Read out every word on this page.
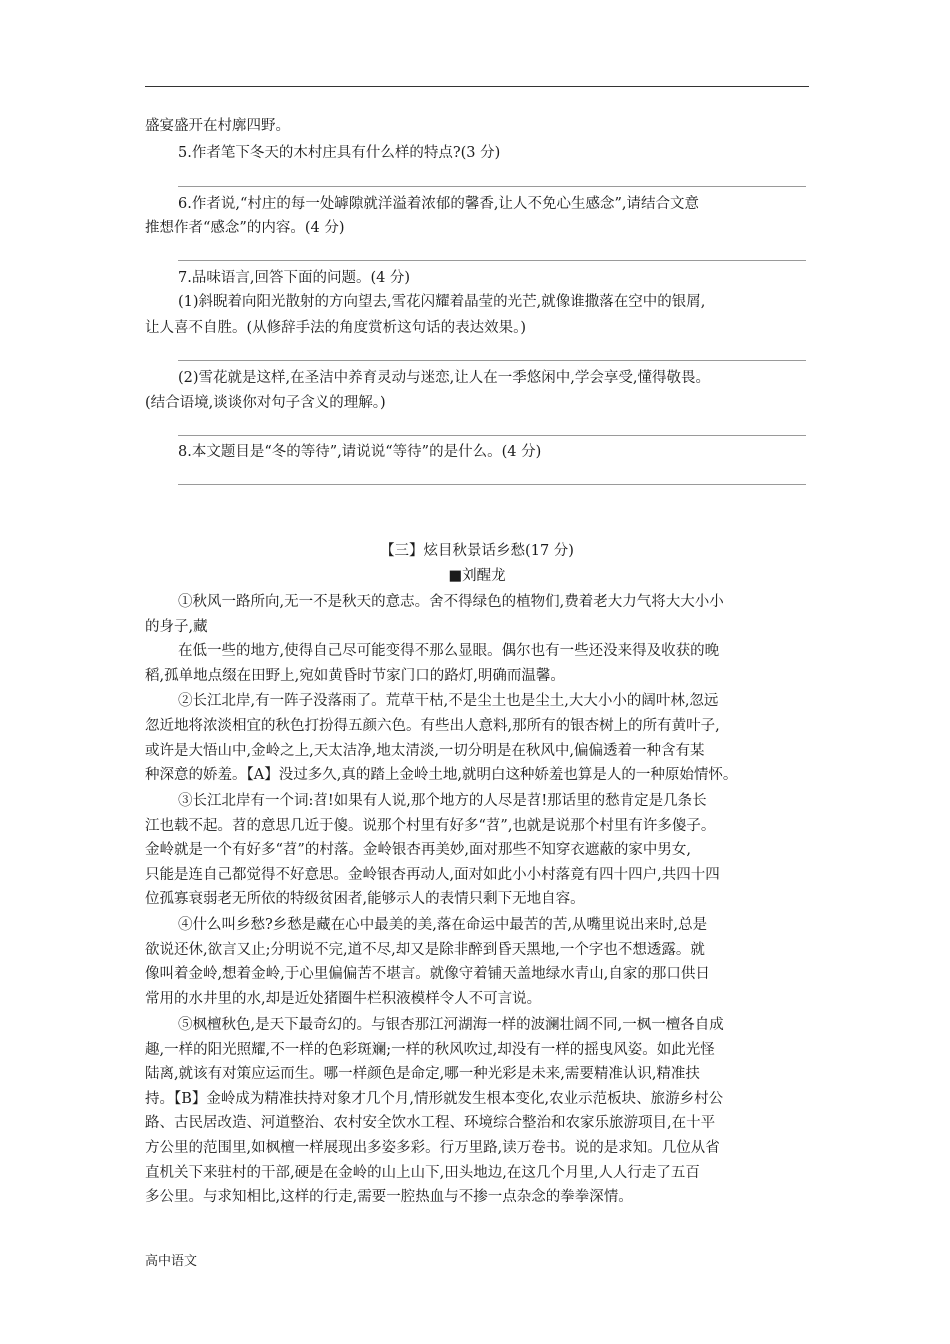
盛宴盛开在村廓四野。
5.作者笔下冬天的木村庄具有什么样的特点?(3 分)
6.作者说,“村庄的每一处罅隙就洋溢着浓郁的馨香,让人不免心生感念”,请结合文意
推想作者“感念”的内容。(4 分)
7.品味语言,回答下面的问题。(4 分)
(1)斜睨着向阳光散射的方向望去,雪花闪耀着晶莹的光芒,就像谁撒落在空中的银屑,
让人喜不自胜。(从修辞手法的角度赏析这句话的表达效果。)
(2)雪花就是这样,在圣洁中养育灵动与迷恋,让人在一季悠闲中,学会享受,懂得敬畏。
(结合语境,谈谈你对句子含义的理解。)
8.本文题目是“冬的等待”,请说说“等待”的是什么。(4 分)
【三】炫目秋景话乡愁(17 分)
■刘醒龙
①秋风一路所向,无一不是秋天的意志。舍不得绿色的植物们,费着老大力气将大大小小
的身子,藏
在低一些的地方,使得自己尽可能变得不那么显眼。偶尔也有一些还没来得及收获的晚
稻,孤单地点缀在田野上,宛如黄昏时节家门口的路灯,明确而温馨。
②长江北岸,有一阵子没落雨了。荒草干枯,不是尘土也是尘土,大大小小的阔叶林,忽远
忽近地将浓淡相宜的秋色打扮得五颜六色。有些出人意料,那所有的银杏树上的所有黄叶子,
或许是大悟山中,金岭之上,天太洁净,地太清淡,一切分明是在秋风中,偏偏透着一种含有某
种深意的娇羞。【A】没过多久,真的踏上金岭土地,就明白这种娇羞也算是人的一种原始情怀。
③长江北岸有一个词:苕!如果有人说,那个地方的人尽是苕!那话里的愁肯定是几条长
江也载不起。苕的意思几近于傻。说那个村里有好多“苕”,也就是说那个村里有许多傻子。
金岭就是一个有好多“苕”的村落。金岭银杏再美妙,面对那些不知穿衣遮蔽的家中男女,
只能是连自己都觉得不好意思。金岭银杏再动人,面对如此小小村落竟有四十四户,共四十四
位孤寡衰弱老无所依的特级贫困者,能够示人的表情只剩下无地自容。
④什么叫乡愁?乡愁是藏在心中最美的美,落在命运中最苦的苦,从嘴里说出来时,总是
欲说还休,欲言又止;分明说不完,道不尽,却又是除非醉到昏天黑地,一个字也不想透露。就
像叫着金岭,想着金岭,于心里偏偏苦不堪言。就像守着铺天盖地绿水青山,自家的那口供日
常用的水井里的水,却是近处猪圈牛栏积液模样令人不可言说。
⑤枫檀秋色,是天下最奇幻的。与银杏那江河湖海一样的波澜壮阔不同,一枫一檀各自成
趣,一样的阳光照耀,不一样的色彩斑斓;一样的秋风吹过,却没有一样的摇曳风姿。如此光怪
陆离,就该有对策应运而生。哪一样颜色是命定,哪一种光彩是未来,需要精准认识,精准扶
持。【B】金岭成为精准扶持对象才几个月,情形就发生根本变化,农业示范板块、旅游乡村公
路、古民居改造、河道整治、农村安全饮水工程、环境综合整治和农家乐旅游项目,在十平
方公里的范围里,如枫檀一样展现出多姿多彩。行万里路,读万卷书。说的是求知。几位从省
直机关下来驻村的干部,硬是在金岭的山上山下,田头地边,在这几个月里,人人行走了五百
多公里。与求知相比,这样的行走,需要一腔热血与不掺一点杂念的拳拳深情。
高中语文
